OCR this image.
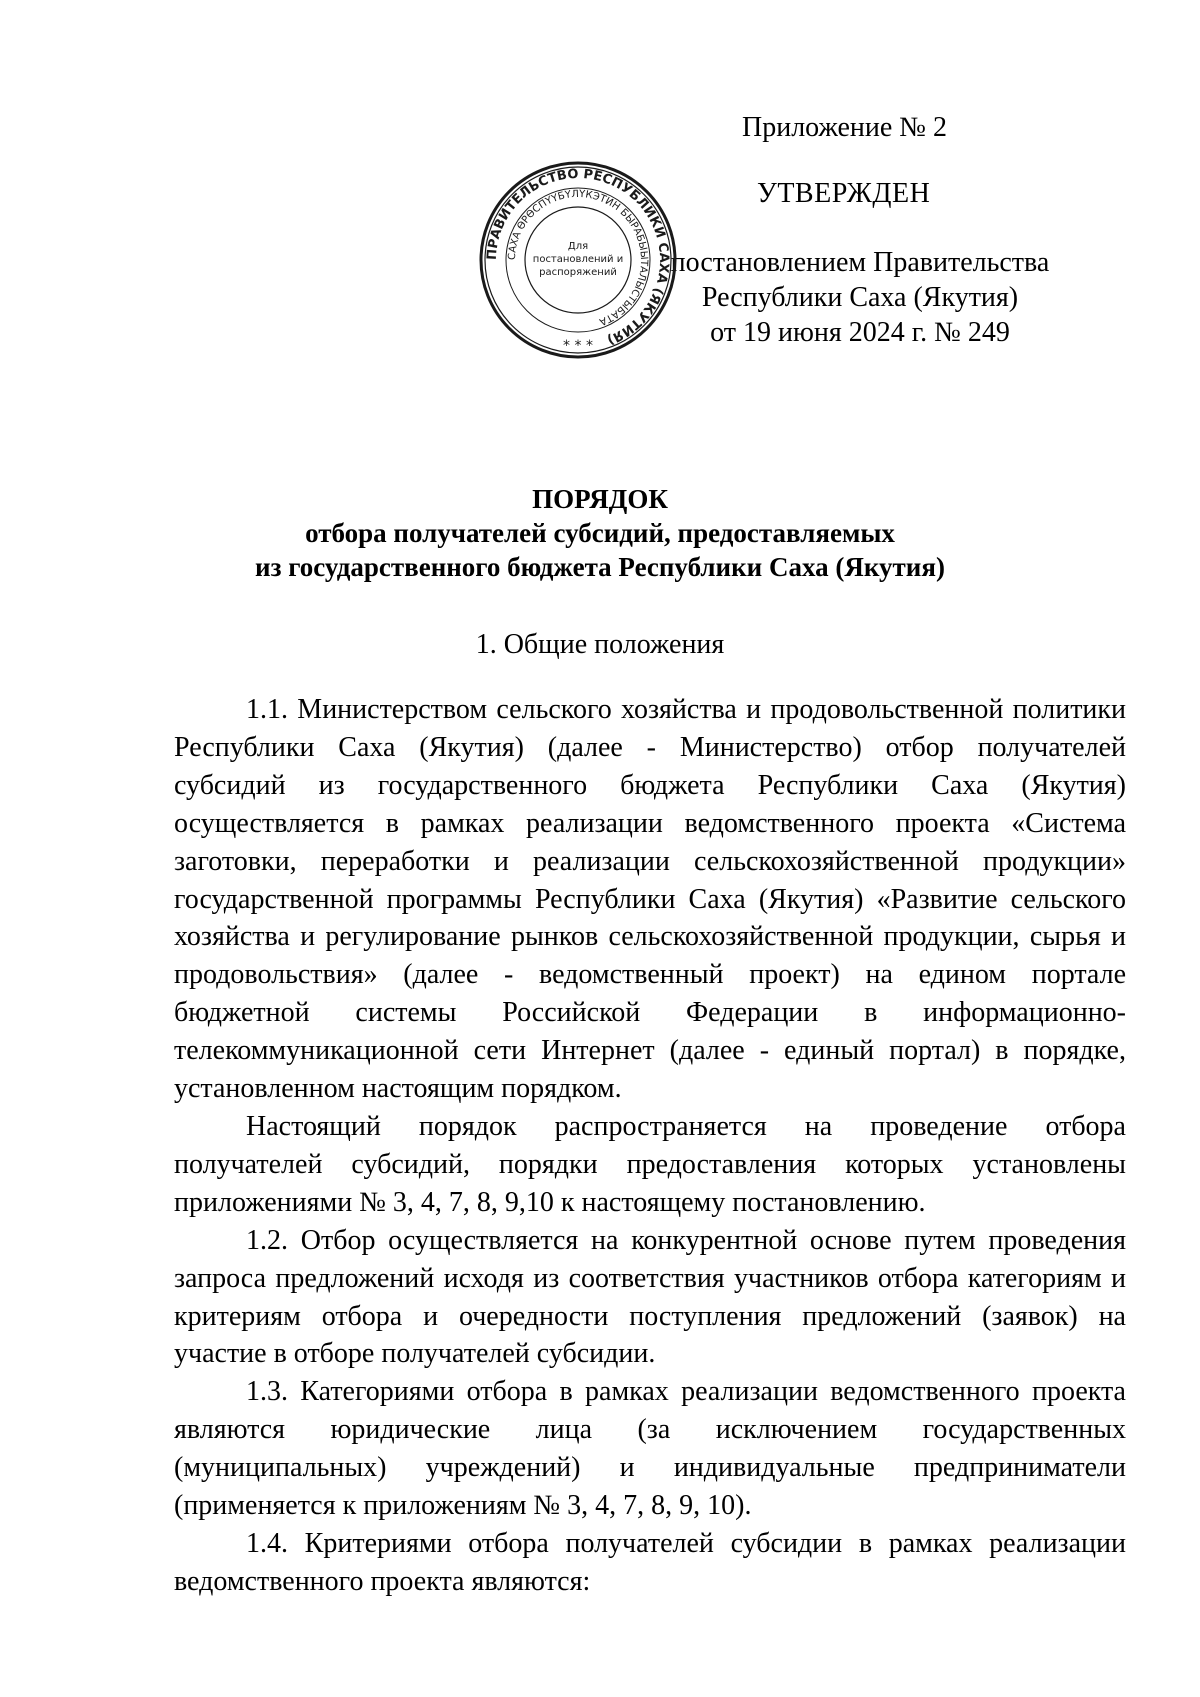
Приложение № 2
УТВЕРЖДЕН
постановлением Правительства
Республики Саха (Якутия)
от 19 июня 2024 г. № 249
ПРАВИТЕЛЬСТВО РЕСПУБЛИКИ САХА (ЯКУТИЯ)
САХА ӨРӨСПҮҮБҮЛҮКЭТИН БЫРАБЫЫТАЛЫСТЫБАТА
Для
постановлений и
распоряжений
* * *
ПОРЯДОК
отбора получателей субсидий, предоставляемых
из государственного бюджета Республики Саха (Якутия)
1. Общие положения

1.1. Министерством сельского хозяйства и продовольственной политики Республики Саха (Якутия) (далее - Министерство) отбор получателей субсидий из государственного бюджета Республики Саха (Якутия) осуществляется в рамках реализации ведомственного проекта «Система заготовки, переработки и реализации сельскохозяйственной продукции» государственной программы Республики Саха (Якутия) «Развитие сельского хозяйства и регулирование рынков сельскохозяйственной продукции, сырья и продовольствия» (далее - ведомственный проект) на едином портале бюджетной системы Российской Федерации в информационно-телекоммуникационной сети Интернет (далее - единый портал) в порядке, установленном настоящим порядком.

Настоящий порядок распространяется на проведение отбора получателей субсидий, порядки предоставления которых установлены приложениями № 3, 4, 7, 8, 9,10 к настоящему постановлению.

1.2. Отбор осуществляется на конкурентной основе путем проведения запроса предложений исходя из соответствия участников отбора категориям и критериям отбора и очередности поступления предложений (заявок) на участие в отборе получателей субсидии.

1.3. Категориями отбора в рамках реализации ведомственного проекта являются юридические лица (за исключением государственных (муниципальных) учреждений) и индивидуальные предприниматели (применяется к приложениям № 3, 4, 7, 8, 9, 10).

1.4. Критериями отбора получателей субсидии в рамках реализации ведомственного проекта являются:
